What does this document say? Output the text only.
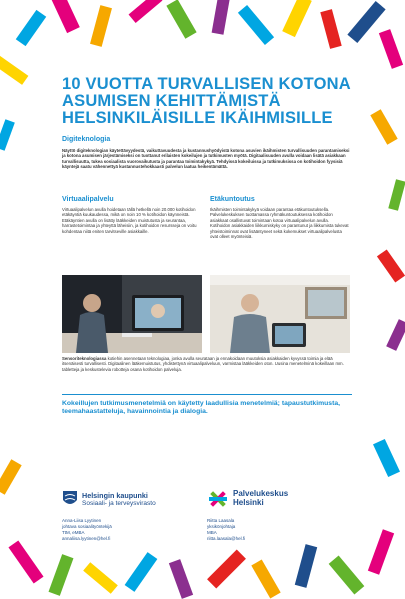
10 VUOTTA TURVALLISEN KOTONA ASUMISEN KEHITTÄMISTÄ HELSINKILÄISILLE IKÄIHMISILLE
Digiteknologia

Näyttö digiteknologian käytettävyydestä, vaikuttavuudesta ja kustannushyödyistä kotona asuvien ikäihmisten turvallisuuden parantamiseksi ja kotona asumisen järjestämiseksi on tuottanut erilaisten kokeilujen ja tutkimusten myötä. Digitaalisuuden avulla voidaan lisätä asiakkaan turvallisuutta, tukea sosiaalista vuorovaikutusta ja parantaa toimintakykyä. Tehdyissä kokeiluissa ja tutkimuksissa on kotihoidon fyysisiä käyntejä saatu vähennettyä kustannustehokkaasti palvelun laatua heikentämättä.

Virtuaalipalvelu

Virtuaalipalvelun avulla hoidetaan tällä hetkellä noin 20.000 kotihoidon etäkäyntiä kuukaudessa, mikä on noin 10 % kotihoidon käynneistä. Etäkäyntien avulla on lisätty lääkkeiden muistutusta ja seurantaa, harrastetoimintaa ja yhteyttä läheisiin, ja kotihoidon resursseja on voitu kohdentaa niitä eniten tarvitseville asiakkaille.

Etäkuntoutus

Ikäihmisten toimintakykyä voidaan parantaa etäkuntoutuksella. Palvelukeskuksen tuottamassa ryhmäkuntoutuksessa kotihoidon asiakkaat osallistuvat toimintaan kotoa virtuaalipalvelun avulla. Kotihoidon asiakkaiden liikkumiskyky on parantunut ja liikkumista tukevat yhteistoiminnat ovat lisääntyneet sekä kokemukset virtuaalipalvelusta ovat olleet myönteisiä.

Sensoriteknologiassa kotiehin asennetaan teknologiaa, jonka avulla seurataan ja ennakoidaan muutoksia asiakkaiden kyvyssä toimia ja elää itsenäisesti turvallisesti. Digitaalinen lääkemuistutus, yhdistettynä virtuaalipalveluun, varmistaa lääkkeiden oton. Uusina menetelminä kokeillaan mm. tabletteja ja keskustelevia robotteja osana kotihoidon palveluja.

Kokeillujen tutkimusmenetelmiä on käytetty laadullisia menetelmiä; tapaustutkimusta, teemahaastatteluja, havainnointia ja dialogia.

Helsingin kaupunki
Sosiaali- ja terveysvirasto
Palvelukeskus
Helsinki
Anna-Liisa Lyytinen
johtava sosiaalityöntekijä
TtM, eMBA
annaliisa.lyytinen@hel.fi
Riitta Laasala
yksikönjohtaja
MBA
riitta.laasala@hel.fi
